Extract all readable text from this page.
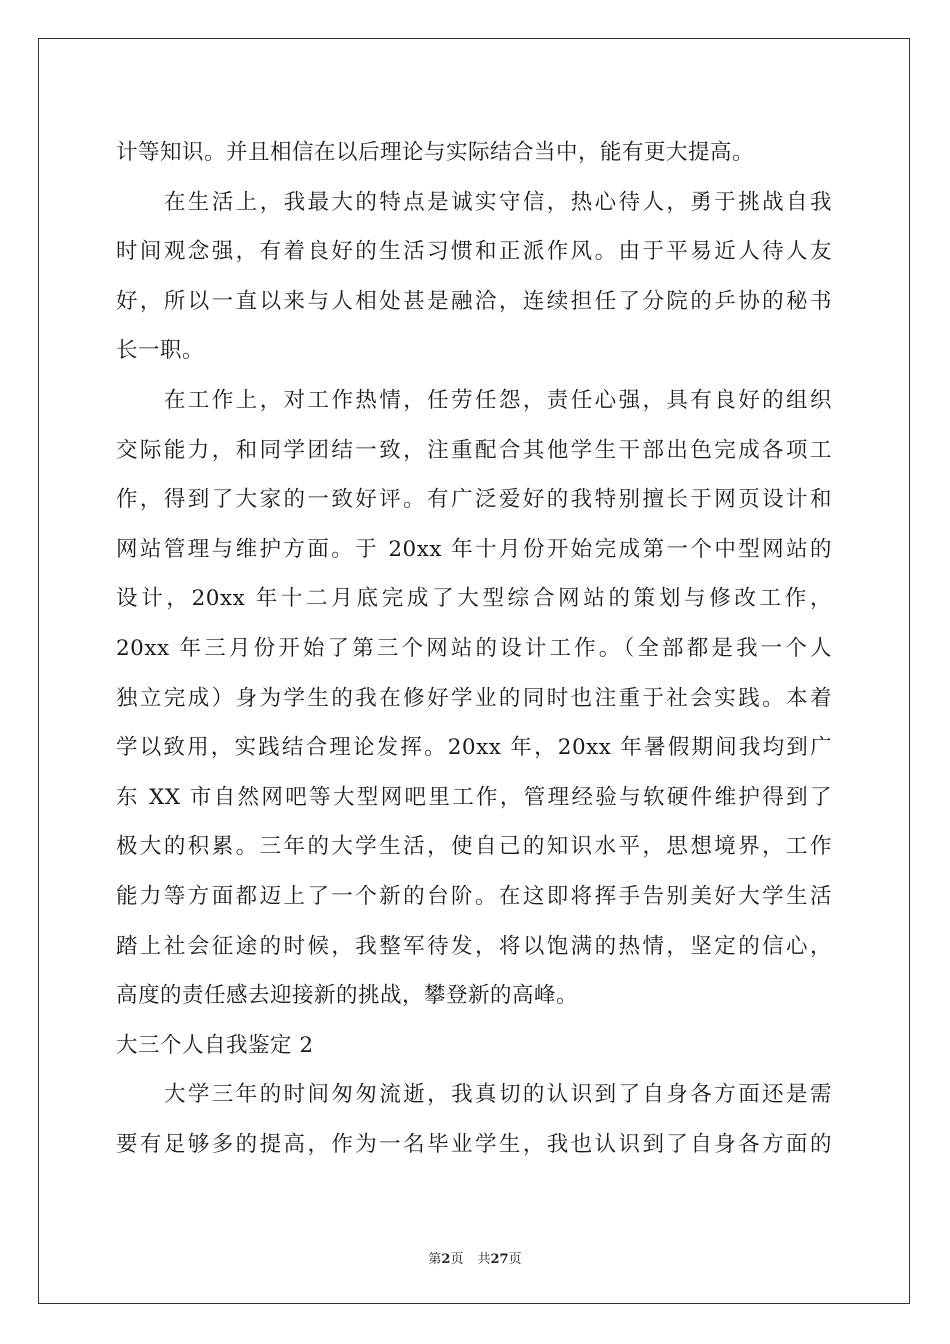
计等知识。并且相信在以后理论与实际结合当中，能有更大提高。
在生活上，我最大的特点是诚实守信，热心待人，勇于挑战自我
时间观念强，有着良好的生活习惯和正派作风。由于平易近人待人友
好，所以一直以来与人相处甚是融洽，连续担任了分院的乒协的秘书
长一职。
在工作上，对工作热情，任劳任怨，责任心强，具有良好的组织
交际能力，和同学团结一致，注重配合其他学生干部出色完成各项工
作，得到了大家的一致好评。有广泛爱好的我特别擅长于网页设计和
网站管理与维护方面。于 20xx 年十月份开始完成第一个中型网站的
设计，20xx 年十二月底完成了大型综合网站的策划与修改工作，
20xx 年三月份开始了第三个网站的设计工作。（全部都是我一个人
独立完成）身为学生的我在修好学业的同时也注重于社会实践。本着
学以致用，实践结合理论发挥。20xx 年，20xx 年暑假期间我均到广
东 XX 市自然网吧等大型网吧里工作，管理经验与软硬件维护得到了
极大的积累。三年的大学生活，使自己的知识水平，思想境界，工作
能力等方面都迈上了一个新的台阶。在这即将挥手告别美好大学生活
踏上社会征途的时候，我整军待发，将以饱满的热情，坚定的信心，
高度的责任感去迎接新的挑战，攀登新的高峰。
大三个人自我鉴定 2
大学三年的时间匆匆流逝，我真切的认识到了自身各方面还是需
要有足够多的提高，作为一名毕业学生，我也认识到了自身各方面的
第2页 共27页
